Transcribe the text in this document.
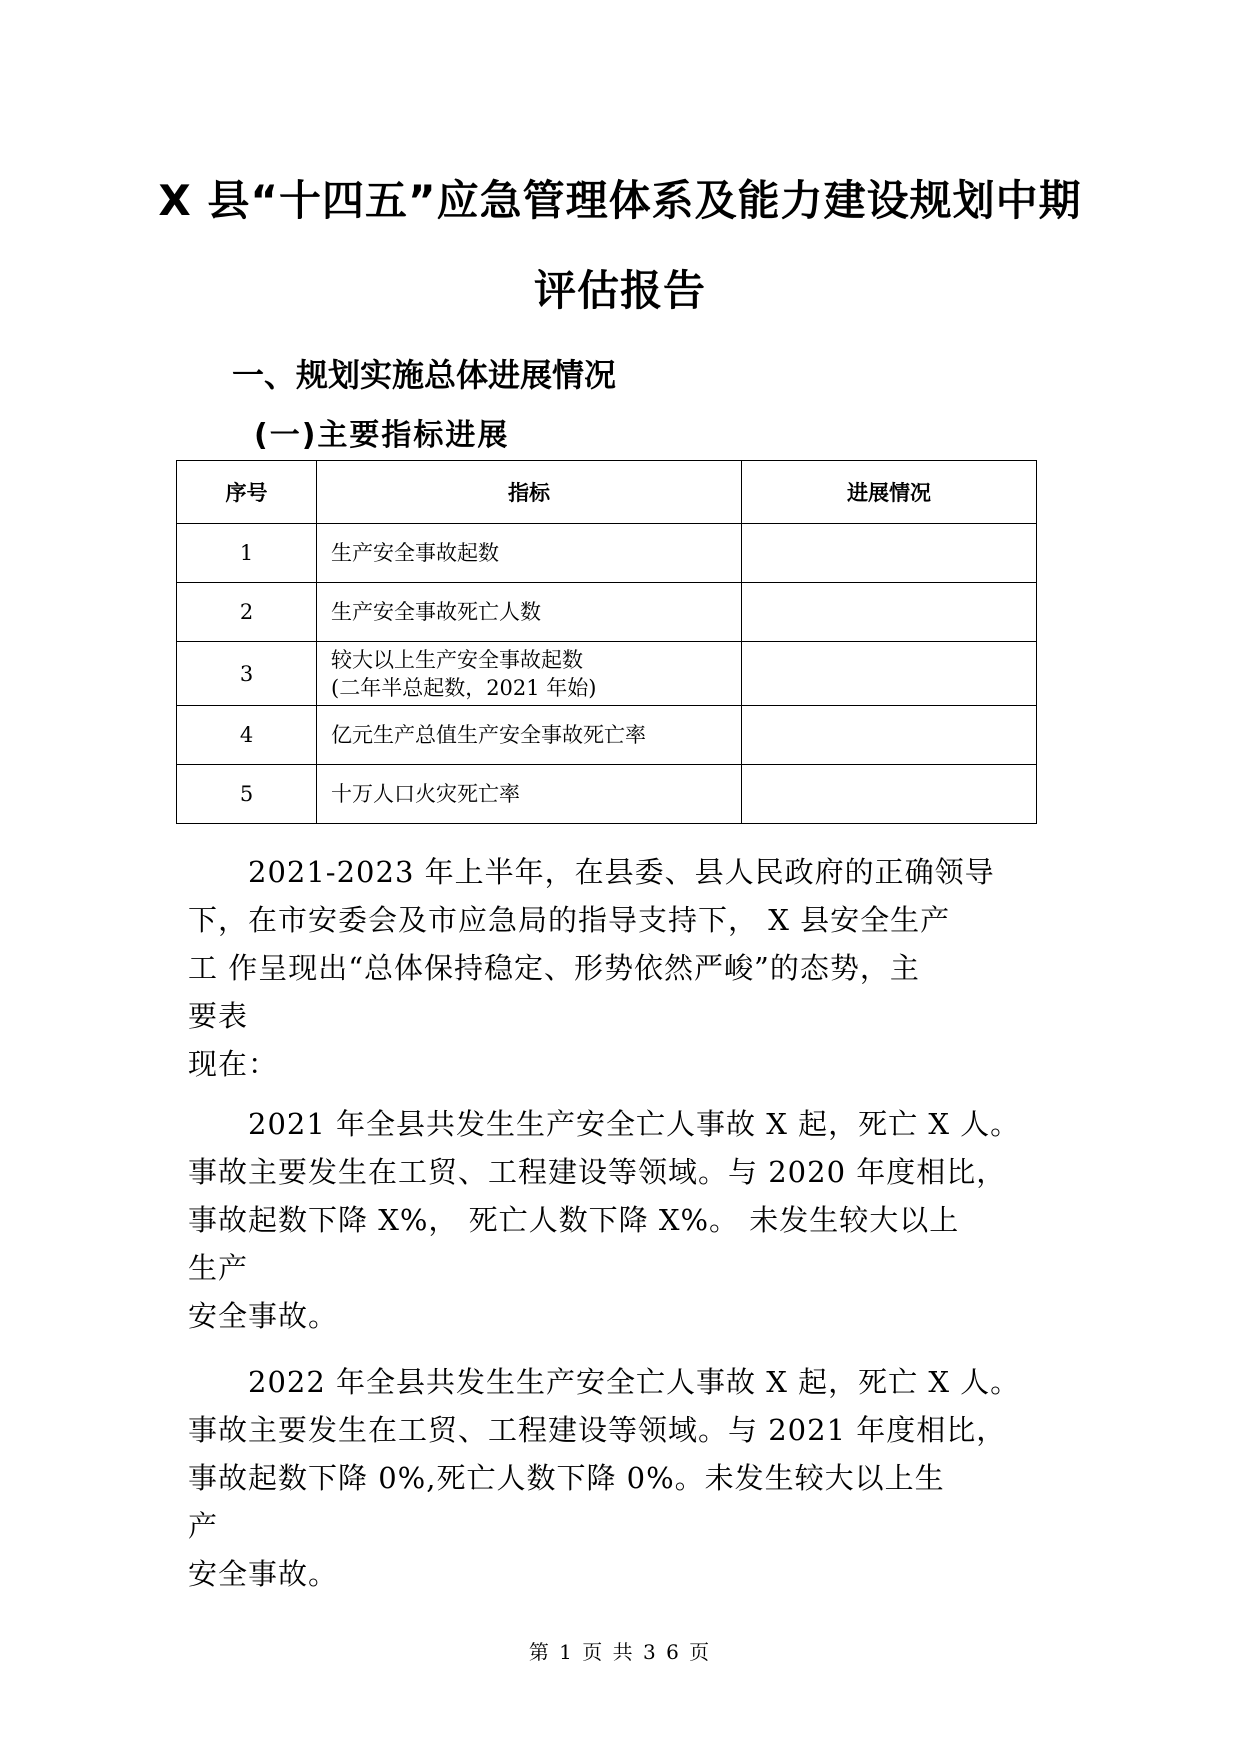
X 县“十四五”应急管理体系及能力建设规划中期
评估报告
一、规划实施总体进展情况
(一)主要指标进展
序号	指标	进展情况
1	生产安全事故起数	

2	生产安全事故死亡人数	

3	较大以上生产安全事故起数
(二年半总起数，2021 年始)	

4	亿元生产总值生产安全事故死亡率	

5	十万人口火灾死亡率	

　　2021-2023 年上半年，在县委、县人民政府的正确领导
下，在市安委会及市应急局的指导支持下， X 县安全生产
工 作呈现出“总体保持稳定、形势依然严峻”的态势，主
要表
现在：
　　2021 年全县共发生生产安全亡人事故 X 起，死亡 X 人。
事故主要发生在工贸、工程建设等领域。与 2020 年度相比，
事故起数下降 X%， 死亡人数下降 X%。 未发生较大以上
生产
安全事故。
　　2022 年全县共发生生产安全亡人事故 X 起，死亡 X 人。
事故主要发生在工贸、工程建设等领域。与 2021 年度相比，
事故起数下降 0%,死亡人数下降 0%。未发生较大以上生
产
安全事故。
第 1 页 共 3 6 页
